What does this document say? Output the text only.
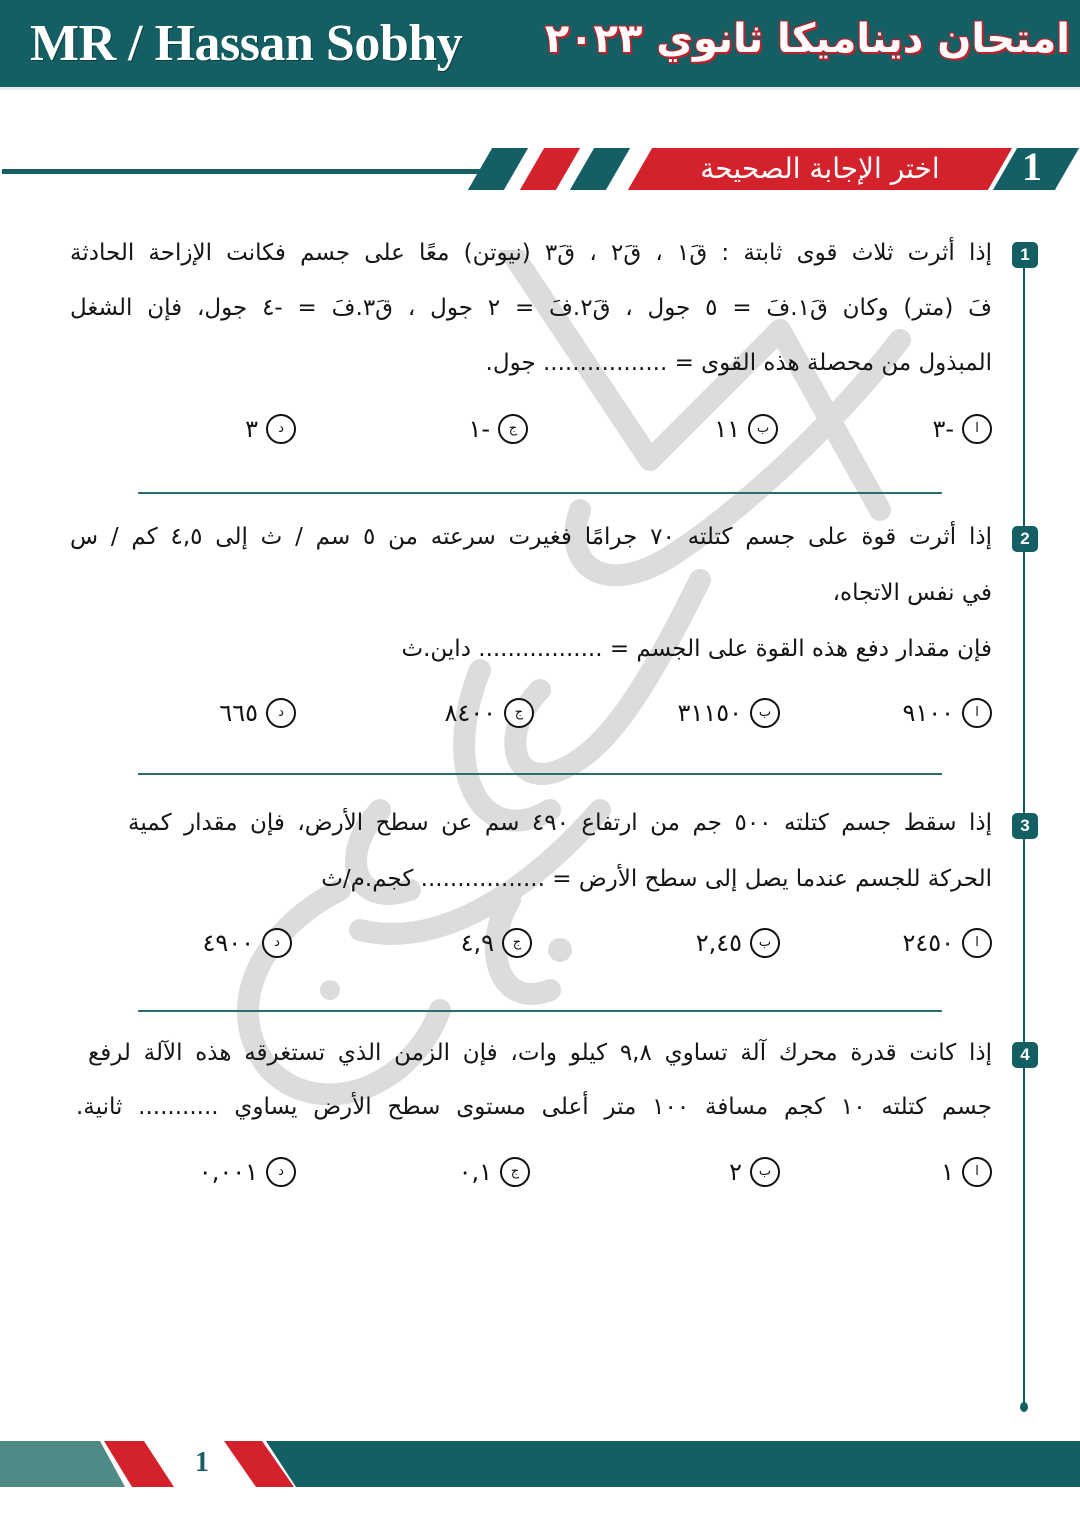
MR / Hassan Sobhy امتحان ديناميكا ثانوي ٢٠٢٣
اختر الإجابة الصحيحة	1
1
إذا أثرت ثلاث قوى ثابتة : قَ١ ، قَ٢ ، قَ٣ (نيوتن) معًا على جسم فكانت الإزاحة الحادثة
فَ (متر) وكان قَ١.فَ = ٥ جول ، قَ٢.فَ = ٢ جول ، قَ٣.فَ = -٤ جول، فإن الشغل
المبذول من محصلة هذه القوى = ................. جول.
ا
-٣
ب
١١
ج
-١
د
٣
2
إذا أثرت قوة على جسم كتلته ٧٠ جرامًا فغيرت سرعته من ٥ سم / ث إلى ٤,٥ كم / س
في نفس الاتجاه،
فإن مقدار دفع هذه القوة على الجسم = ................. داين.ث
ا
٩١٠٠
ب
٣١١٥٠
ج
٨٤٠٠
د
٦٦٥
3
إذا سقط جسم كتلته ٥٠٠ جم من ارتفاع ٤٩٠ سم عن سطح الأرض، فإن مقدار كمية
الحركة للجسم عندما يصل إلى سطح الأرض = ................. كجم.م/ث
ا
٢٤٥٠
ب
٢,٤٥
ج
٤,٩
د
٤٩٠٠
4
إذا كانت قدرة محرك آلة تساوي ٩,٨ كيلو وات، فإن الزمن الذي تستغرقه هذه الآلة لرفع
جسم كتلته ١٠ كجم مسافة ١٠٠ متر أعلى مستوى سطح الأرض يساوي ........... ثانية.
ا
١
ب
٢
ج
٠,١
د
٠,٠٠١
1
